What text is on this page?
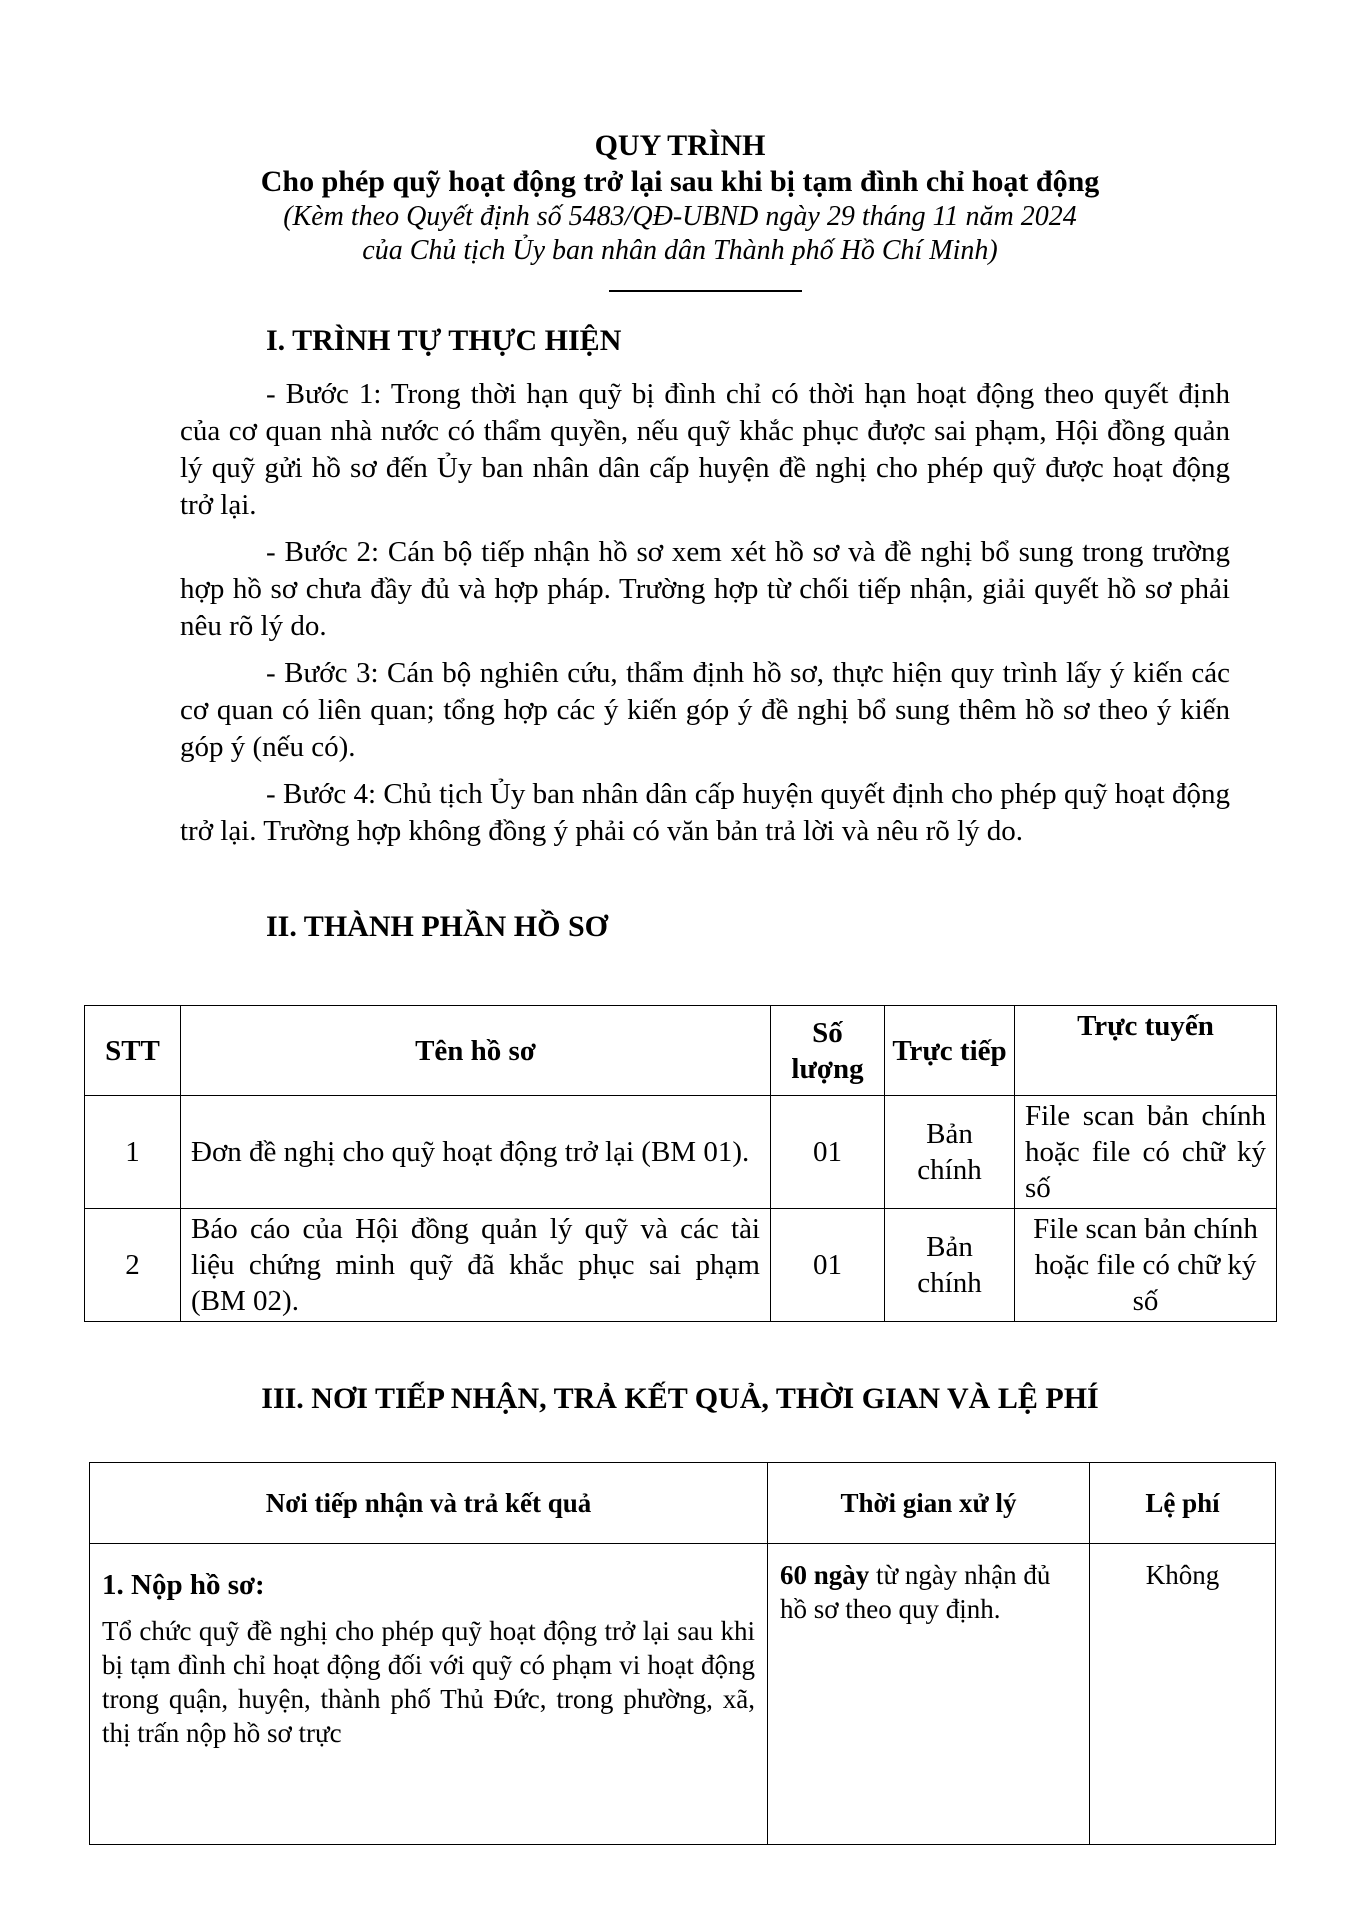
QUY TRÌNH
Cho phép quỹ hoạt động trở lại sau khi bị tạm đình chỉ hoạt động
(Kèm theo Quyết định số 5483/QĐ-UBND ngày 29 tháng 11 năm 2024
của Chủ tịch Ủy ban nhân dân Thành phố Hồ Chí Minh)
I. TRÌNH TỰ THỰC HIỆN

- Bước 1: Trong thời hạn quỹ bị đình chỉ có thời hạn hoạt động theo quyết định của cơ quan nhà nước có thẩm quyền, nếu quỹ khắc phục được sai phạm, Hội đồng quản lý quỹ gửi hồ sơ đến Ủy ban nhân dân cấp huyện đề nghị cho phép quỹ được hoạt động trở lại.

- Bước 2: Cán bộ tiếp nhận hồ sơ xem xét hồ sơ và đề nghị bổ sung trong trường hợp hồ sơ chưa đầy đủ và hợp pháp. Trường hợp từ chối tiếp nhận, giải quyết hồ sơ phải nêu rõ lý do.

- Bước 3: Cán bộ nghiên cứu, thẩm định hồ sơ, thực hiện quy trình lấy ý kiến các cơ quan có liên quan; tổng hợp các ý kiến góp ý đề nghị bổ sung thêm hồ sơ theo ý kiến góp ý (nếu có).

- Bước 4: Chủ tịch Ủy ban nhân dân cấp huyện quyết định cho phép quỹ hoạt động trở lại. Trường hợp không đồng ý phải có văn bản trả lời và nêu rõ lý do.

II. THÀNH PHẦN HỒ SƠ
STT	Tên hồ sơ	Số lượng	Trực tiếp	Trực tuyến
1	Đơn đề nghị cho quỹ hoạt động trở lại (BM 01).	01	Bản chính	File scan bản chính hoặc file có chữ ký số
2	Báo cáo của Hội đồng quản lý quỹ và các tài liệu chứng minh quỹ đã khắc phục sai phạm (BM 02).	01	Bản chính	File scan bản chính hoặc file có chữ ký số
III. NƠI TIẾP NHẬN, TRẢ KẾT QUẢ, THỜI GIAN VÀ LỆ PHÍ
Nơi tiếp nhận và trả kết quả	Thời gian xử lý	Lệ phí

1. Nộp hồ sơ:
Tổ chức quỹ đề nghị cho phép quỹ hoạt động trở lại sau khi bị tạm đình chỉ hoạt động đối với quỹ có phạm vi hoạt động trong quận, huyện, thành phố Thủ Đức, trong phường, xã, thị trấn nộp hồ sơ trực	60 ngày từ ngày nhận đủ hồ sơ theo quy định.	Không
